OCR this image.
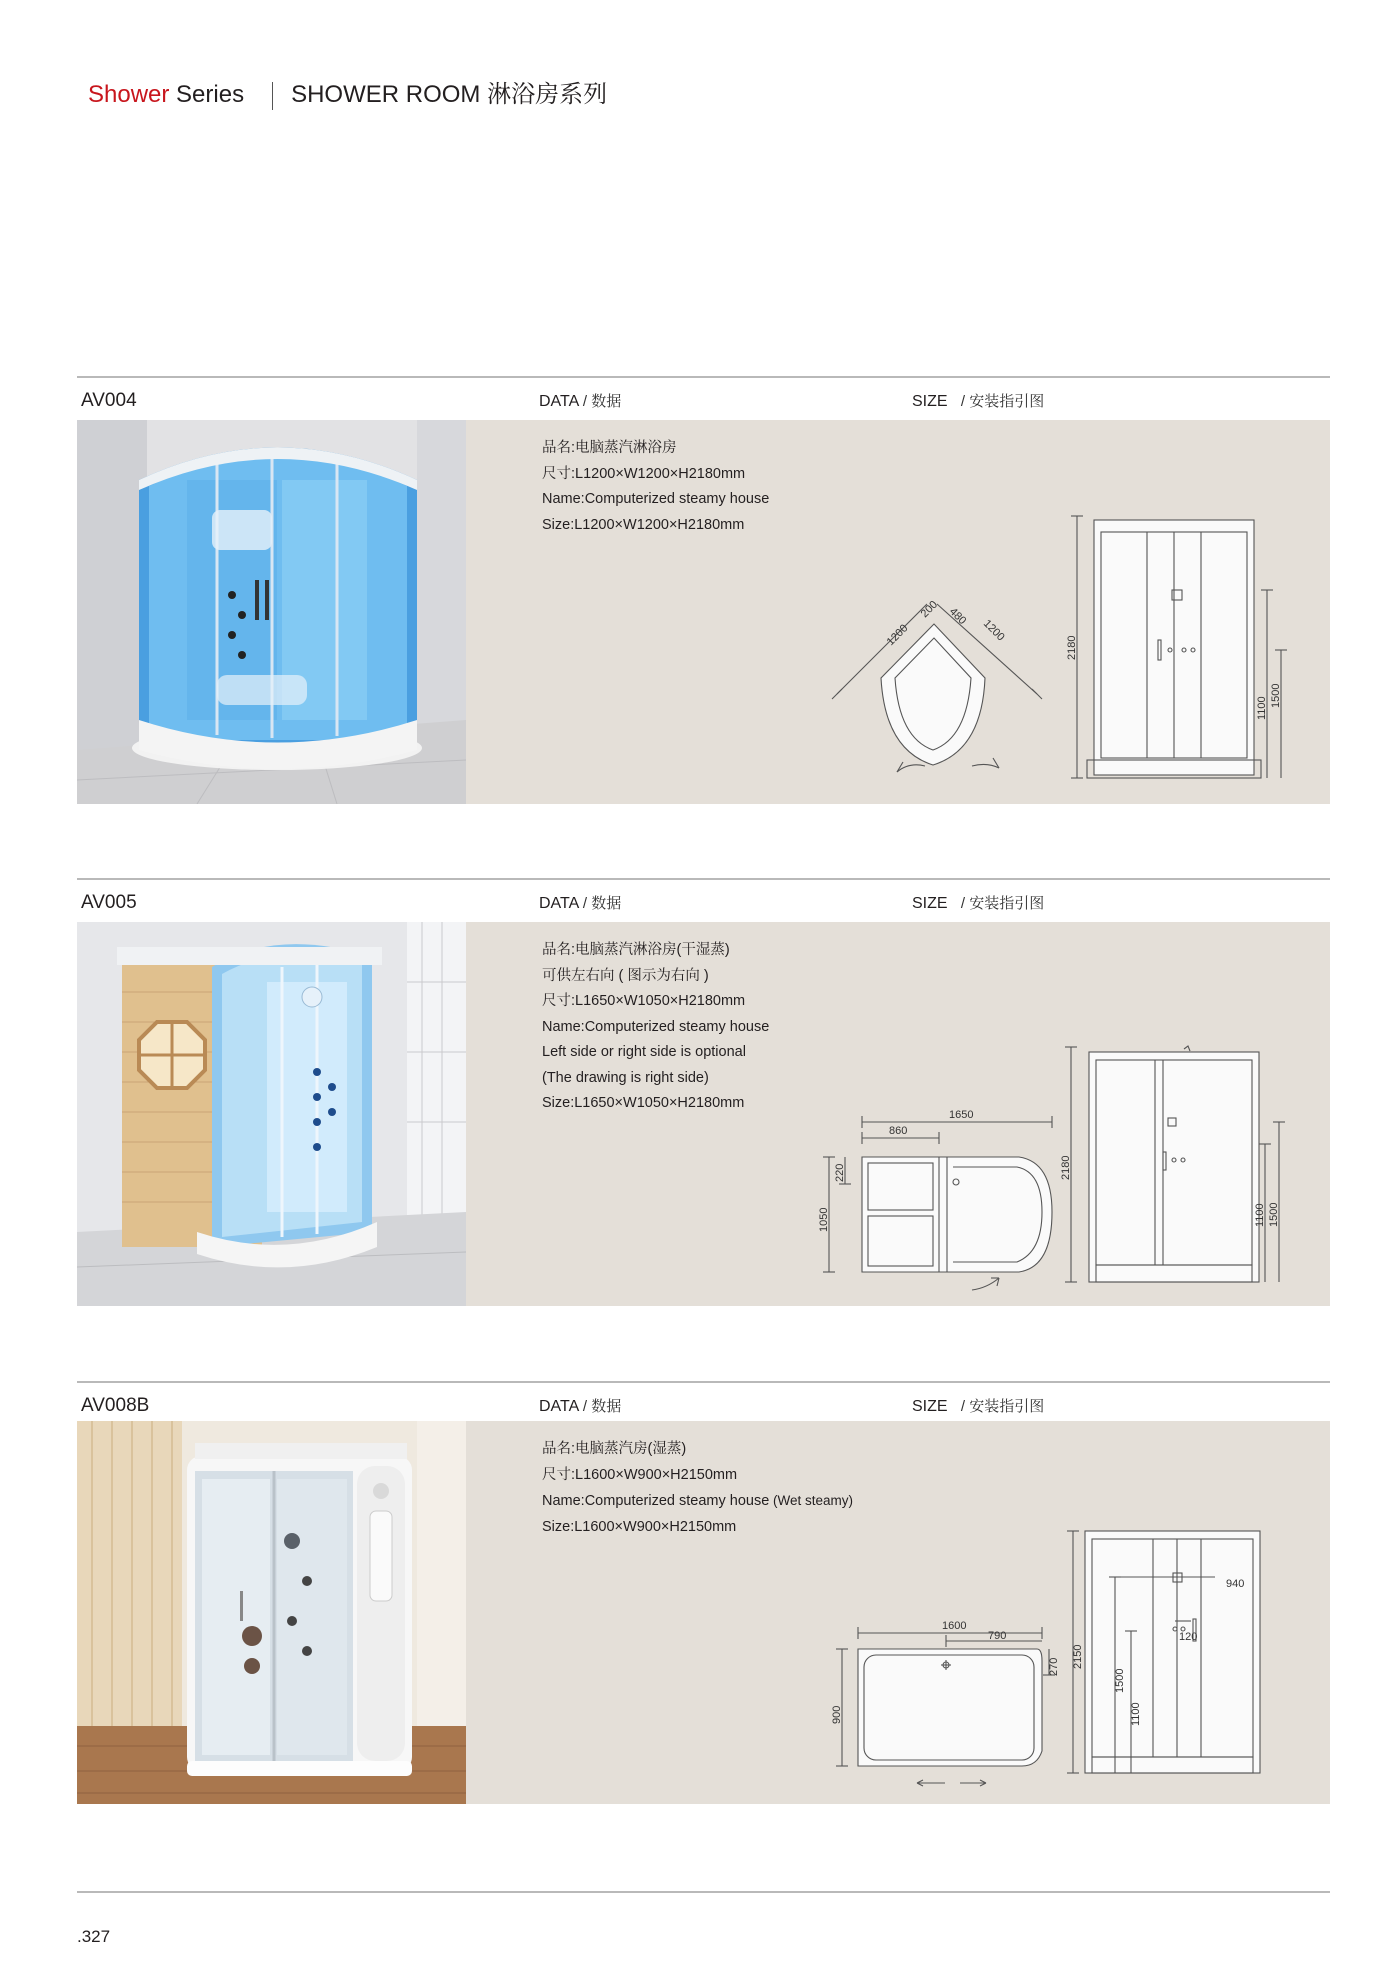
Shower Series SHOWER ROOM 淋浴房系列
AV004	DATA / 数据	SIZE / 安装指引图
品名:电脑蒸汽淋浴房
尺寸:L1200×W1200×H2180mm
Name:Computerized steamy house
Size:L1200×W1200×H2180mm
1200
200 480
1200
2180
1100
1500
AV005	DATA / 数据	SIZE / 安装指引图
品名:电脑蒸汽淋浴房(干湿蒸)
可供左右向 ( 图示为右向 )
尺寸:L1650×W1050×H2180mm
Name:Computerized steamy house
Left side or right side is optional
(The drawing is right side)
Size:L1650×W1050×H2180mm
1650
860
1050
220	2180
1100 1500
AV008B	DATA / 数据	SIZE / 安装指引图
品名:电脑蒸汽房(湿蒸)
尺寸:L1600×W900×H2150mm
Name:Computerized steamy house (Wet steamy)
Size:L1600×W900×H2150mm
1600
790
900
270 2150
1500
1100
940
120
.327
